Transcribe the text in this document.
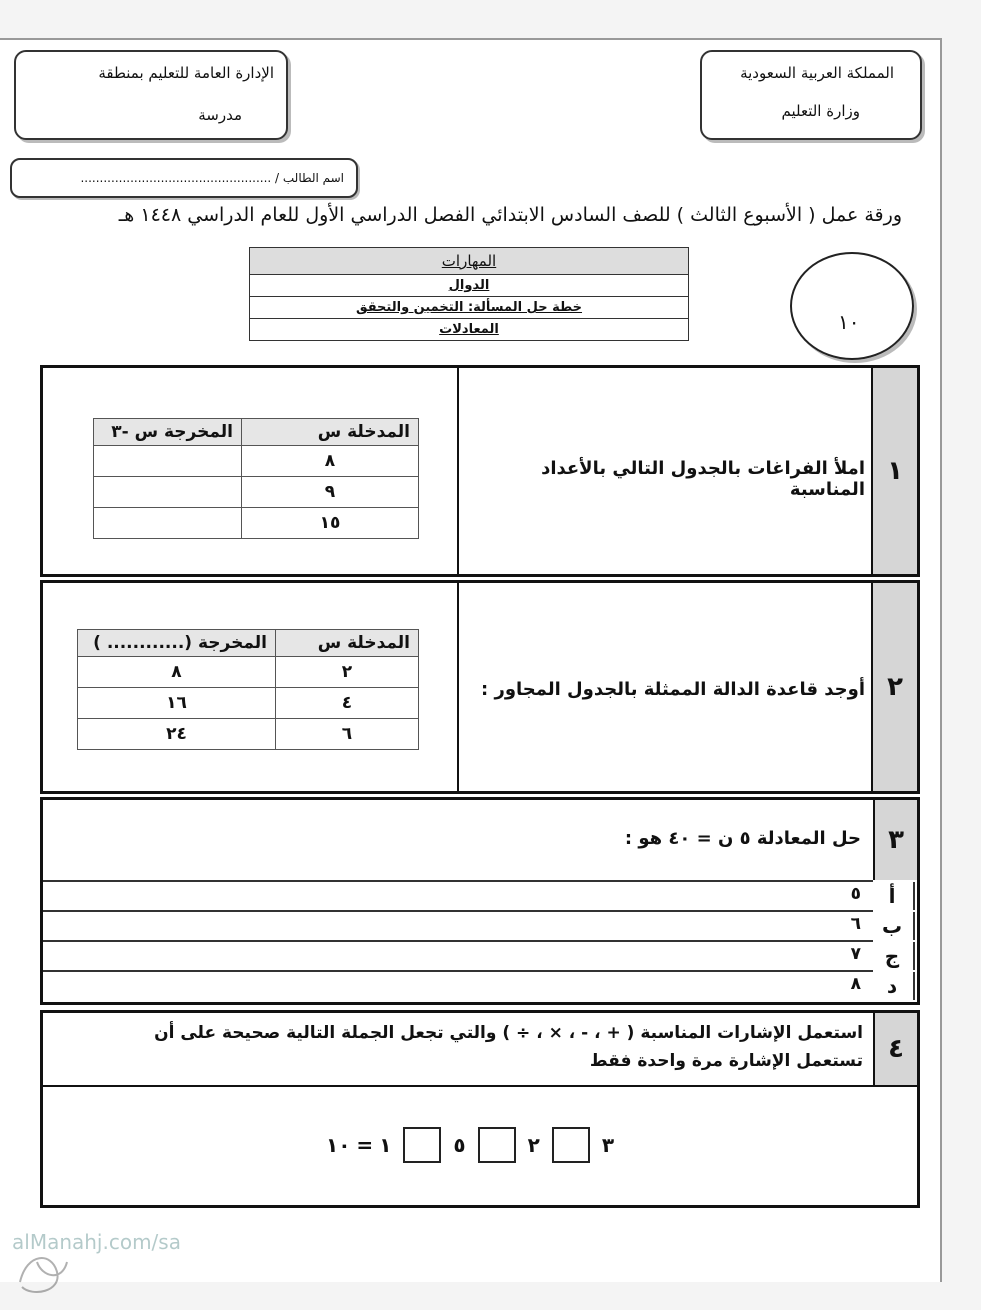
المملكة العربية السعودية
وزارة التعليم
الإدارة العامة للتعليم بمنطقة
مدرسة
اسم الطالب / ..................................................
ورقة عمل ( الأسبوع الثالث ) للصف السادس الابتدائي الفصل الدراسي الأول للعام الدراسي ١٤٤٨ هـ
المهارات
الدوال
خطة حل المسألة: التخمين والتحقق
المعادلات	١٠
١
املأ الفراغات بالجدول التالي بالأعداد المناسبة
المدخلة س	المخرجة س -٣
٨	
٩	
١٥	
٢
أوجد قاعدة الدالة الممثلة بالجدول المجاور :
المدخلة س	المخرجة (............ )
٢	٨
٤	١٦
٦	٢٤
٣
حل المعادلة ٥ ن = ٤٠ هو :
أ
٥
ب
٦
ج
٧
د
٨
٤
استعمل الإشارات المناسبة ( + ، - ، × ، ÷ ) والتي تجعل الجملة التالية صحيحة على أن
تستعمل الإشارة مرة واحدة فقط
٣
٢
٥
١
=
١٠
alManahj.com/sa
